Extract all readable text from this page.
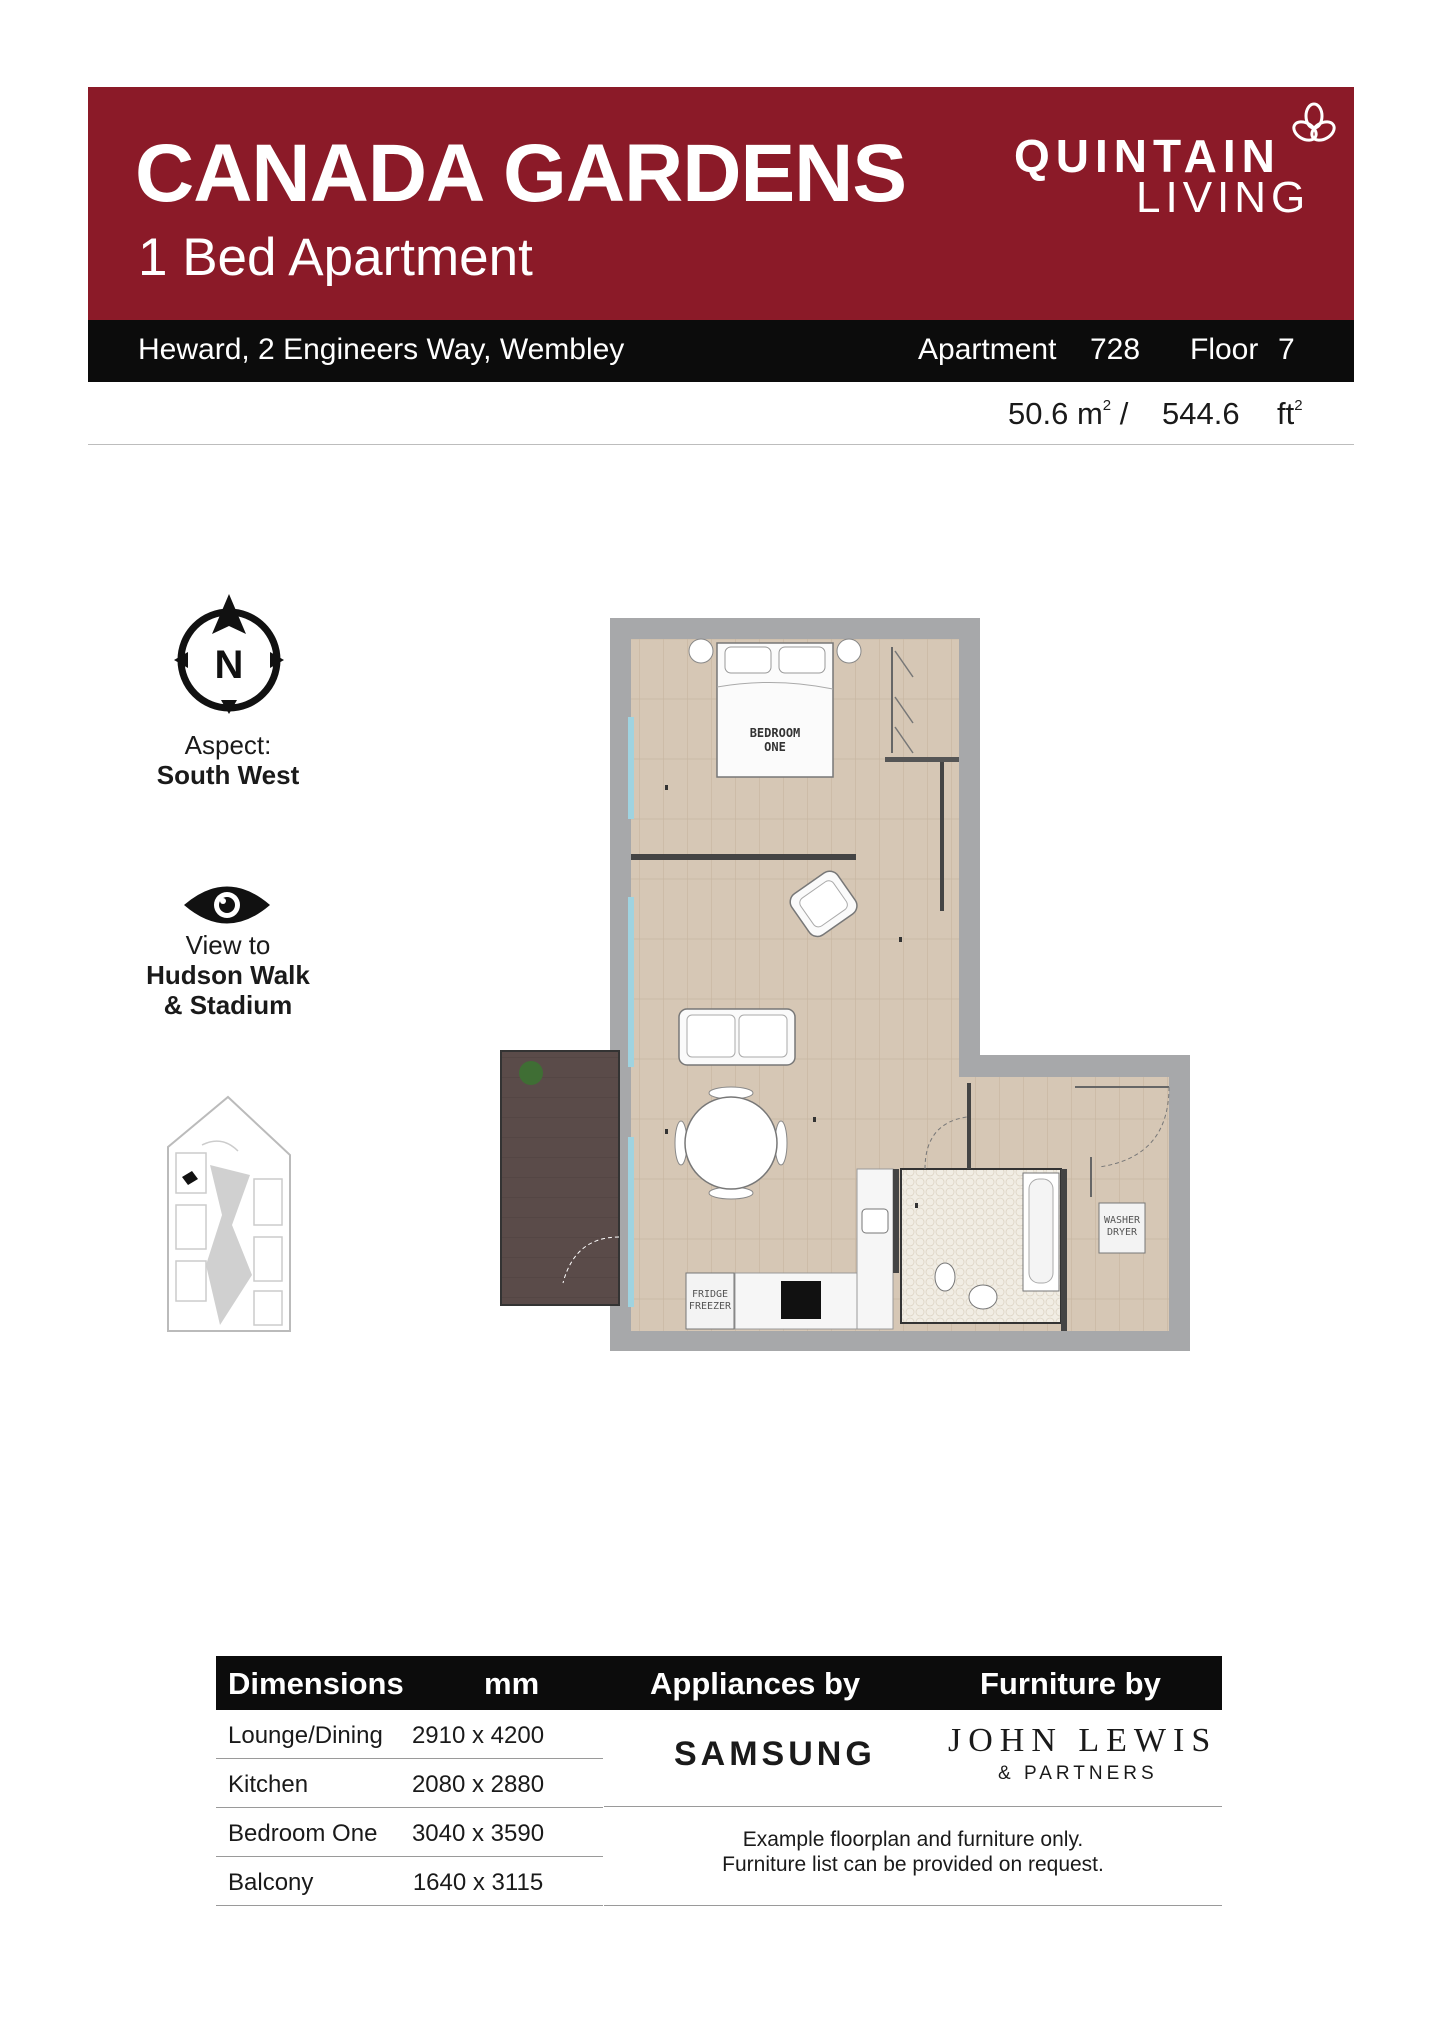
CANADA GARDENS
1 Bed Apartment
QUINTAIN
LIVING
Heward, 2 Engineers Way, Wembley	Apartment 728 Floor 7
50.6 $m^2 / 544.6$ $ft^2$
N
Aspect:
South West
View to
Hudson Walk
& Stadium
BEDROOM
ONE
FRIDGE
FREEZER
WASHER
DRYER
Dimensions	mm	Appliances by	Furniture by
Lounge/Dining 2910 x 4200
Kitchen	2080 x 2880
Bedroom One 3040 x 3590
Balcony	1640 x 3115
SAMSUNG JOHN LEWIS
& PARTNERS
Example floorplan and furniture only.
Furniture list can be provided on request.
